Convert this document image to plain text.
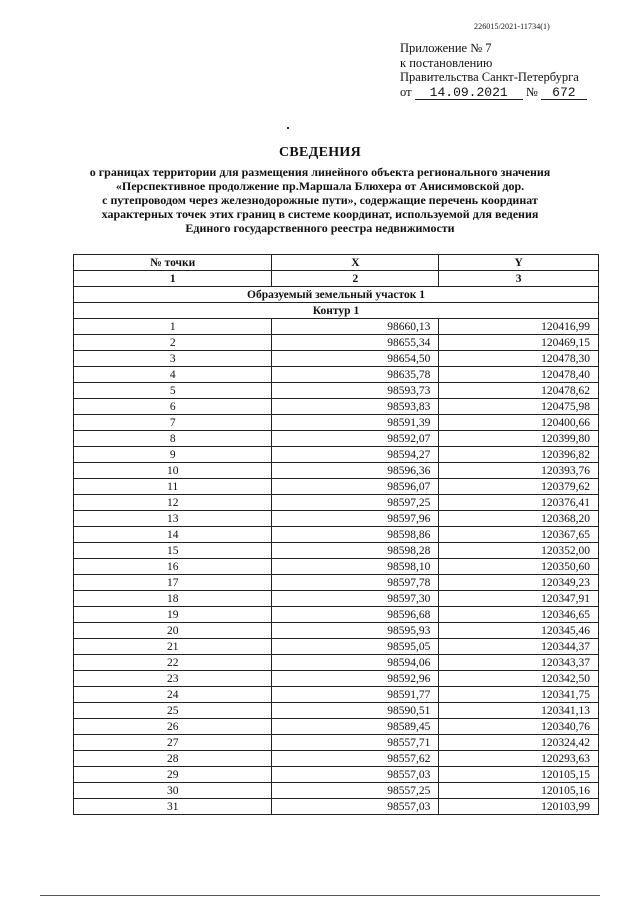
226015/2021-11734(1)
Приложение № 7
к постановлению
Правительства Санкт-Петербурга
от 14.09.2021 № 672
СВЕДЕНИЯ
о границах территории для размещения линейного объекта регионального значения
«Перспективное продолжение пр.Маршала Блюхера от Анисимовской дор.
с путепроводом через железнодорожные пути», содержащие перечень координат
характерных точек этих границ в системе координат, используемой для ведения
Единого государственного реестра недвижимости
№ точки	X	Y
1	2	3
Образуемый земельный участок 1		
Контур 1		
1	98660,13	120416,99
2	98655,34	120469,15
3	98654,50	120478,30
4	98635,78	120478,40
5	98593,73	120478,62
6	98593,83	120475,98
7	98591,39	120400,66
8	98592,07	120399,80
9	98594,27	120396,82
10	98596,36	120393,76
11	98596,07	120379,62
12	98597,25	120376,41
13	98597,96	120368,20
14	98598,86	120367,65
15	98598,28	120352,00
16	98598,10	120350,60
17	98597,78	120349,23
18	98597,30	120347,91
19	98596,68	120346,65
20	98595,93	120345,46
21	98595,05	120344,37
22	98594,06	120343,37
23	98592,96	120342,50
24	98591,77	120341,75
25	98590,51	120341,13
26	98589,45	120340,76
27	98557,71	120324,42
28	98557,62	120293,63
29	98557,03	120105,15
30	98557,25	120105,16
31	98557,03	120103,99
